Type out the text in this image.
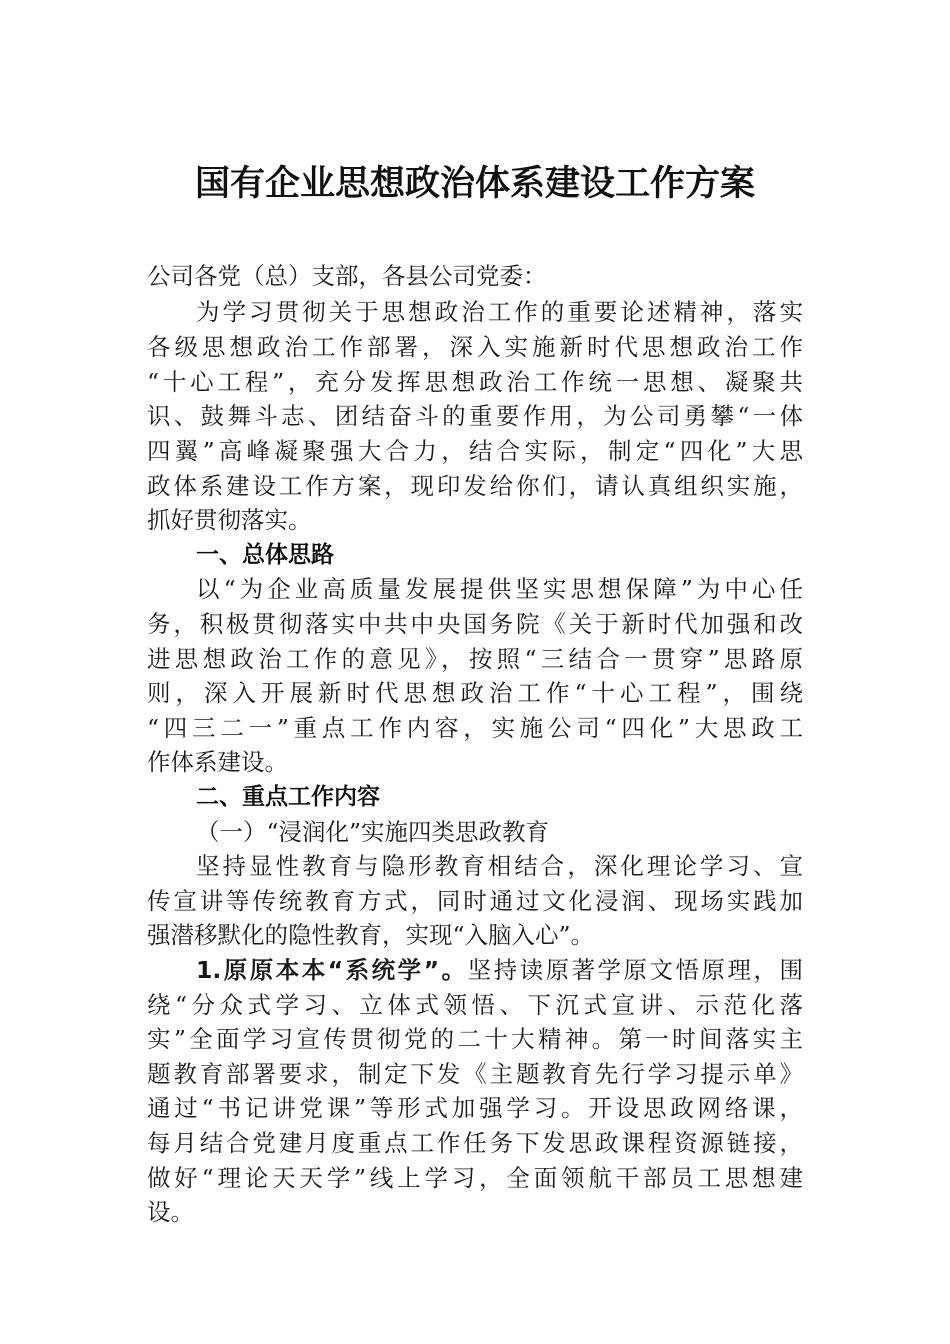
国有企业思想政治体系建设工作方案
公司各党（总）支部，各县公司党委：
为学习贯彻关于思想政治工作的重要论述精神，落实
各级思想政治工作部署，深入实施新时代思想政治工作
“十心工程”，充分发挥思想政治工作统一思想、凝聚共
识、鼓舞斗志、团结奋斗的重要作用，为公司勇攀“一体
四翼”高峰凝聚强大合力，结合实际，制定“四化”大思
政体系建设工作方案，现印发给你们，请认真组织实施，
抓好贯彻落实。
一、总体思路
以“为企业高质量发展提供坚实思想保障”为中心任
务，积极贯彻落实中共中央国务院《关于新时代加强和改
进思想政治工作的意见》，按照“三结合一贯穿”思路原
则，深入开展新时代思想政治工作“十心工程”，围绕
“四三二一”重点工作内容，实施公司“四化”大思政工
作体系建设。
二、重点工作内容
（一）“浸润化”实施四类思政教育
坚持显性教育与隐形教育相结合，深化理论学习、宣
传宣讲等传统教育方式，同时通过文化浸润、现场实践加
强潜移默化的隐性教育，实现“入脑入心”。
1.原原本本“系统学”。坚持读原著学原文悟原理，围
绕“分众式学习、立体式领悟、下沉式宣讲、示范化落
实”全面学习宣传贯彻党的二十大精神。第一时间落实主
题教育部署要求，制定下发《主题教育先行学习提示单》
通过“书记讲党课”等形式加强学习。开设思政网络课，
每月结合党建月度重点工作任务下发思政课程资源链接，
做好“理论天天学”线上学习，全面领航干部员工思想建
设。
